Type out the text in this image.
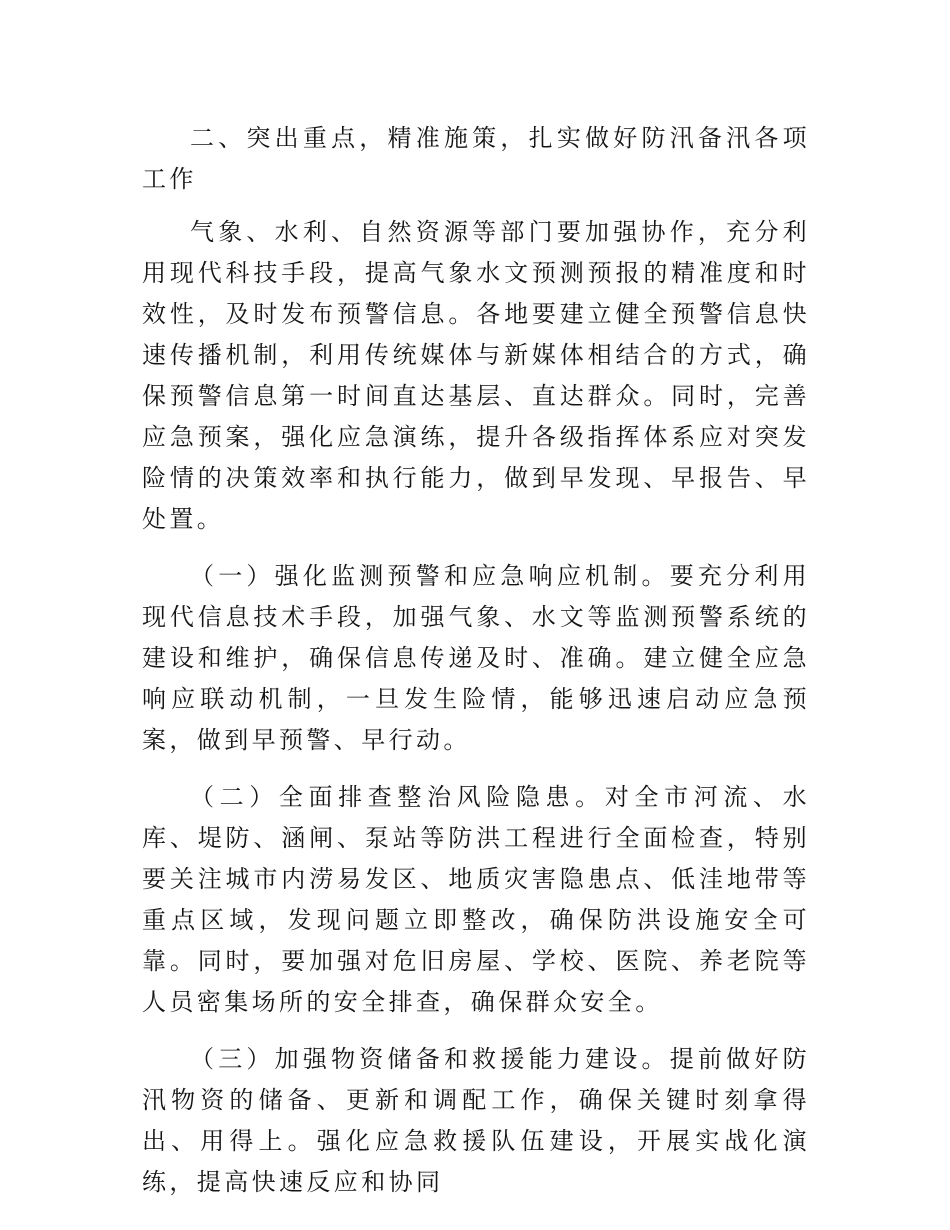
二、突出重点，精准施策，扎实做好防汛备汛各项工作

气象、水利、自然资源等部门要加强协作，充分利用现代科技手段，提高气象水文预测预报的精准度和时效性，及时发布预警信息。各地要建立健全预警信息快速传播机制，利用传统媒体与新媒体相结合的方式，确保预警信息第一时间直达基层、直达群众。同时，完善应急预案，强化应急演练，提升各级指挥体系应对突发险情的决策效率和执行能力，做到早发现、早报告、早处置。

（一）强化监测预警和应急响应机制。要充分利用现代信息技术手段，加强气象、水文等监测预警系统的建设和维护，确保信息传递及时、准确。建立健全应急响应联动机制，一旦发生险情，能够迅速启动应急预案，做到早预警、早行动。

（二）全面排查整治风险隐患。对全市河流、水库、堤防、涵闸、泵站等防洪工程进行全面检查，特别要关注城市内涝易发区、地质灾害隐患点、低洼地带等重点区域，发现问题立即整改，确保防洪设施安全可靠。同时，要加强对危旧房屋、学校、医院、养老院等人员密集场所的安全排查，确保群众安全。

（三）加强物资储备和救援能力建设。提前做好防汛物资的储备、更新和调配工作，确保关键时刻拿得出、用得上。强化应急救援队伍建设，开展实战化演练，提高快速反应和协同
